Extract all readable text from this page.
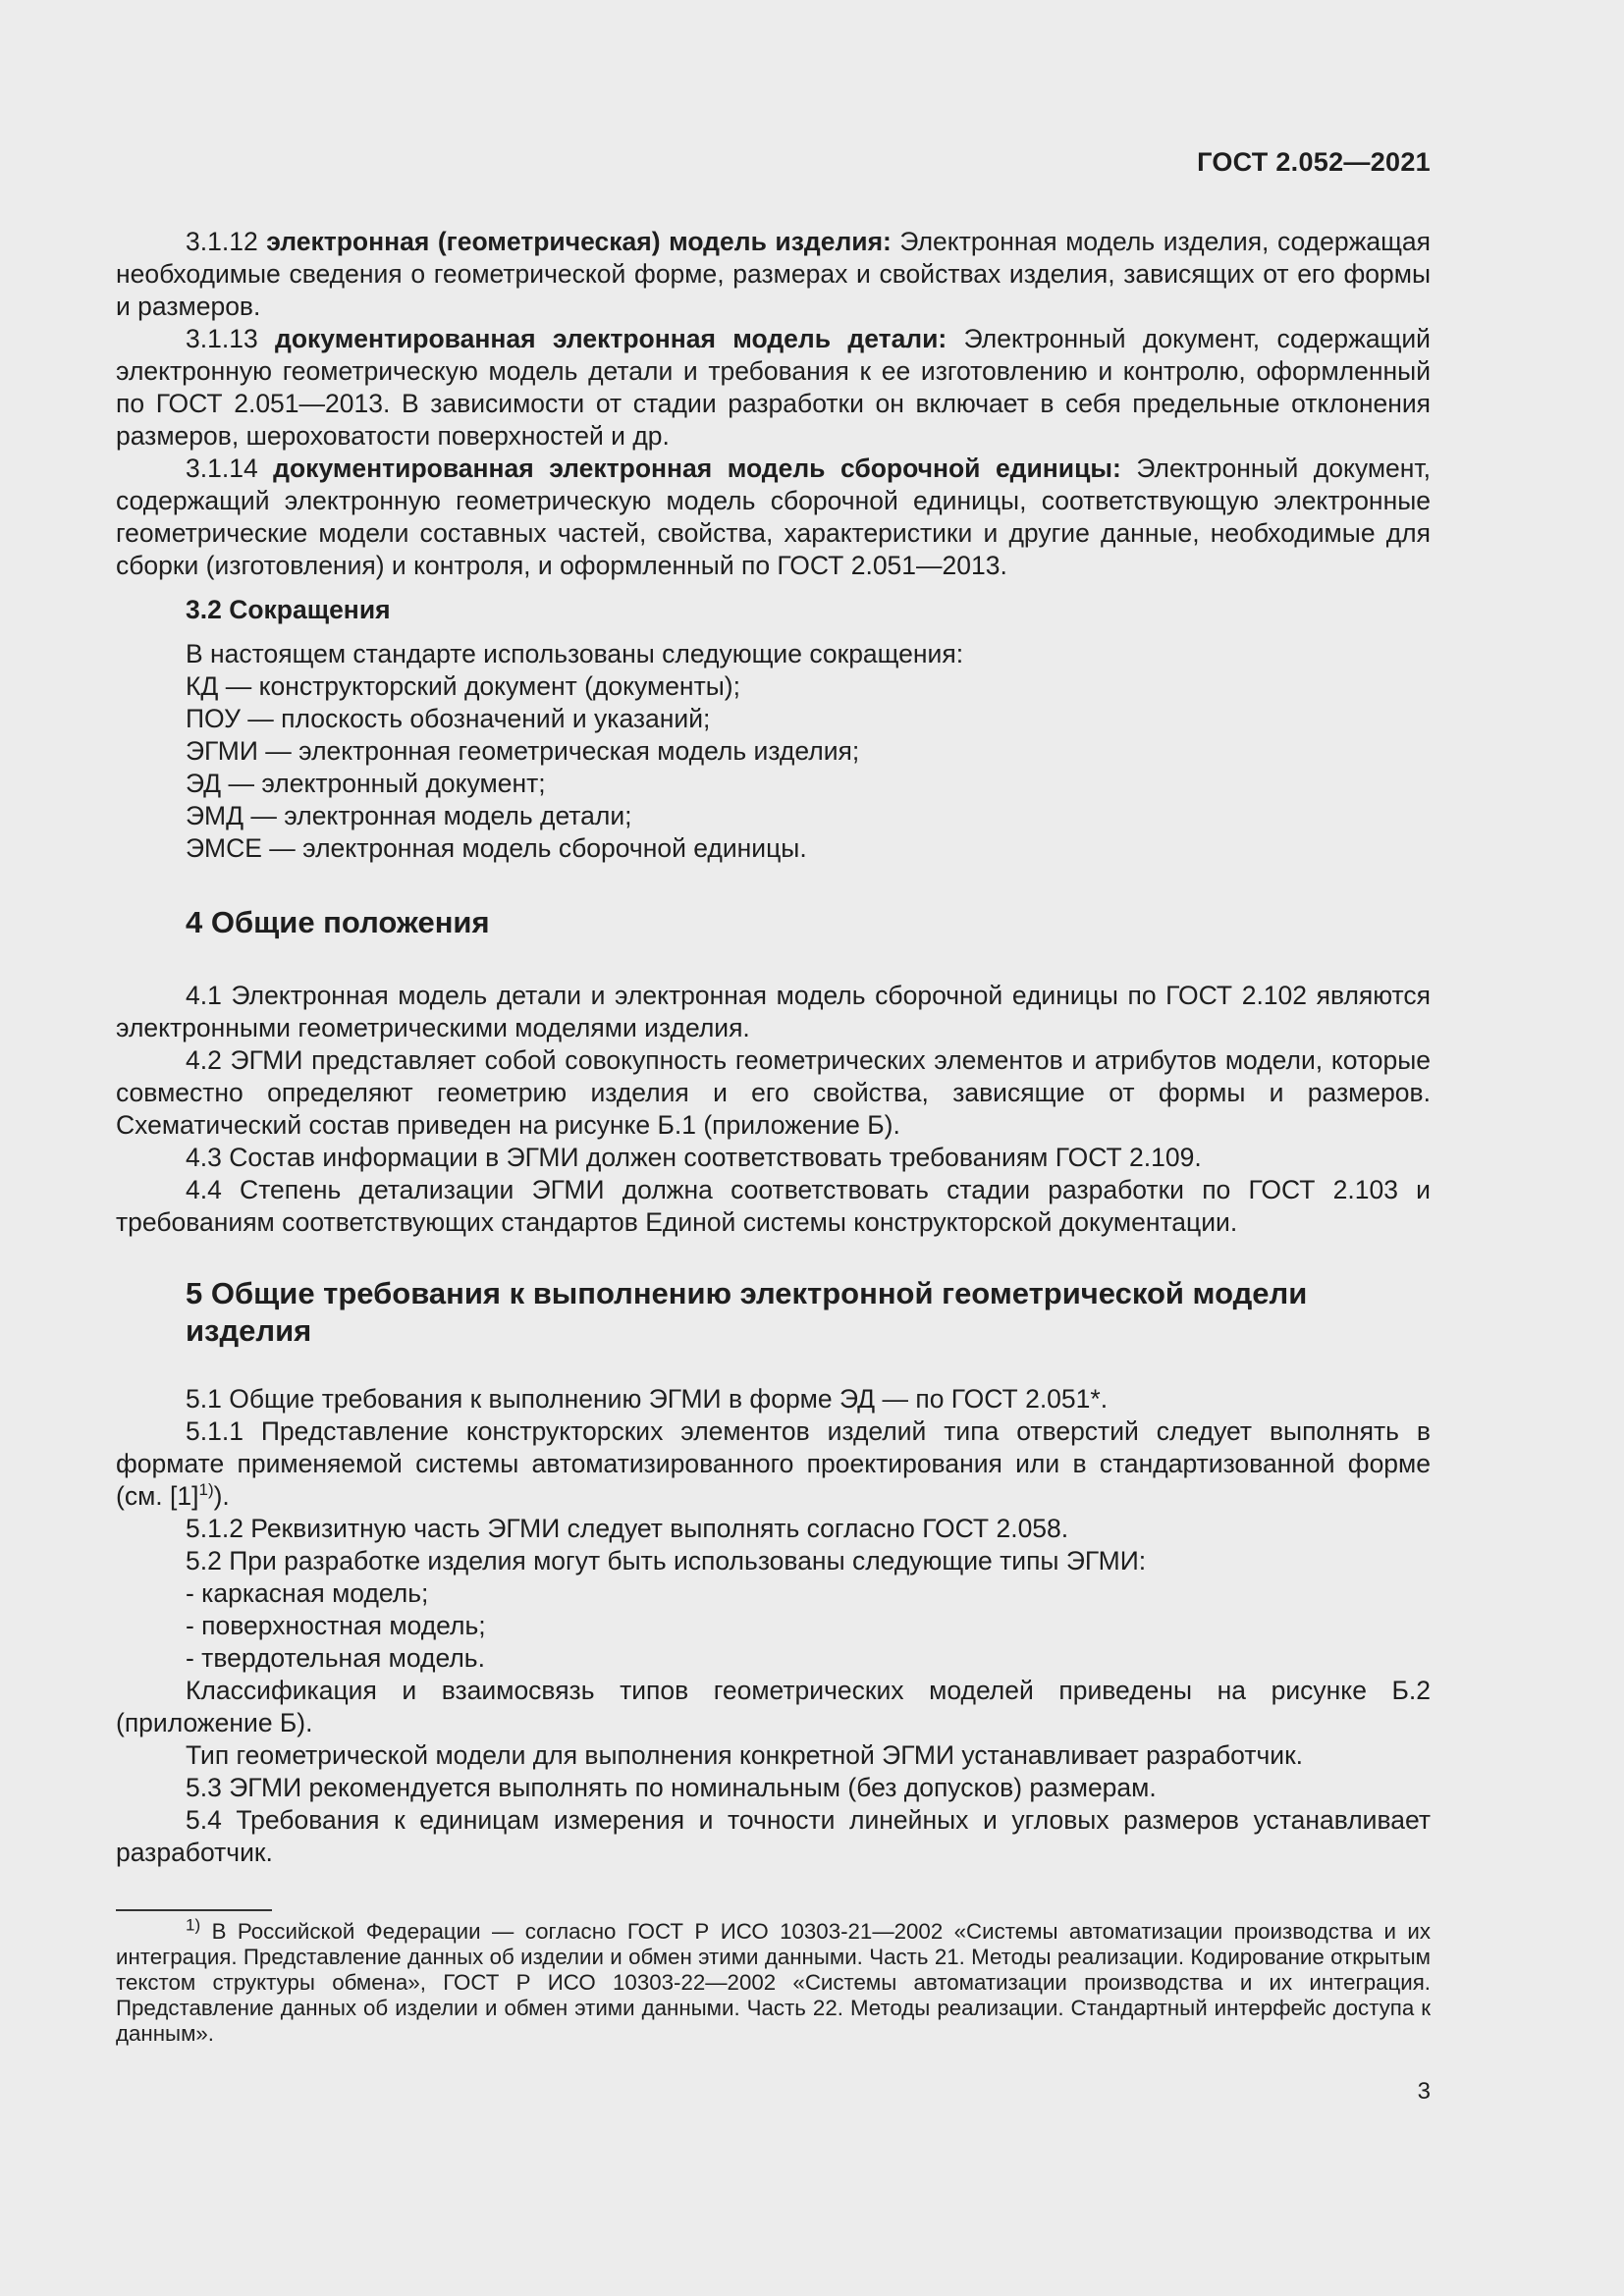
ГОСТ 2.052—2021

3.1.12 электронная (геометрическая) модель изделия: Электронная модель изделия, содержащая необходимые сведения о геометрической форме, размерах и свойствах изделия, зависящих от его формы и размеров.

3.1.13 документированная электронная модель детали: Электронный документ, содержащий электронную геометрическую модель детали и требования к ее изготовлению и контролю, оформленный по ГОСТ 2.051—2013. В зависимости от стадии разработки он включает в себя предельные отклонения размеров, шероховатости поверхностей и др.

3.1.14 документированная электронная модель сборочной единицы: Электронный документ, содержащий электронную геометрическую модель сборочной единицы, соответствующую электронные геометрические модели составных частей, свойства, характеристики и другие данные, необходимые для сборки (изготовления) и контроля, и оформленный по ГОСТ 2.051—2013.

3.2 Сокращения

В настоящем стандарте использованы следующие сокращения:

КД — конструкторский документ (документы);

ПОУ — плоскость обозначений и указаний;

ЭГМИ — электронная геометрическая модель изделия;

ЭД — электронный документ;

ЭМД — электронная модель детали;

ЭМСЕ — электронная модель сборочной единицы.

4 Общие положения

4.1 Электронная модель детали и электронная модель сборочной единицы по ГОСТ 2.102 являются электронными геометрическими моделями изделия.

4.2 ЭГМИ представляет собой совокупность геометрических элементов и атрибутов модели, которые совместно определяют геометрию изделия и его свойства, зависящие от формы и размеров. Схематический состав приведен на рисунке Б.1 (приложение Б).

4.3 Состав информации в ЭГМИ должен соответствовать требованиям ГОСТ 2.109.

4.4 Степень детализации ЭГМИ должна соответствовать стадии разработки по ГОСТ 2.103 и требованиям соответствующих стандартов Единой системы конструкторской документации.

5 Общие требования к выполнению электронной геометрической модели
изделия

5.1 Общие требования к выполнению ЭГМИ в форме ЭД — по ГОСТ 2.051*.

5.1.1 Представление конструкторских элементов изделий типа отверстий следует выполнять в формате применяемой системы автоматизированного проектирования или в стандартизованной форме (см. $[1]^{1)}$).

5.1.2 Реквизитную часть ЭГМИ следует выполнять согласно ГОСТ 2.058.

5.2 При разработке изделия могут быть использованы следующие типы ЭГМИ:

- каркасная модель;

- поверхностная модель;

- твердотельная модель.

Классификация и взаимосвязь типов геометрических моделей приведены на рисунке Б.2 (приложение Б).

Тип геометрической модели для выполнения конкретной ЭГМИ устанавливает разработчик.

5.3 ЭГМИ рекомендуется выполнять по номинальным (без допусков) размерам.

5.4 Требования к единицам измерения и точности линейных и угловых размеров устанавливает разработчик.

$^{1)}$ В Российской Федерации — согласно ГОСТ Р ИСО 10303-21—2002 «Системы автоматизации производства и их интеграция. Представление данных об изделии и обмен этими данными. Часть 21. Методы реализации. Кодирование открытым текстом структуры обмена», ГОСТ Р ИСО 10303-22—2002 «Системы автоматизации производства и их интеграция. Представление данных об изделии и обмен этими данными. Часть 22. Методы реализации. Стандартный интерфейс доступа к данным».

3
